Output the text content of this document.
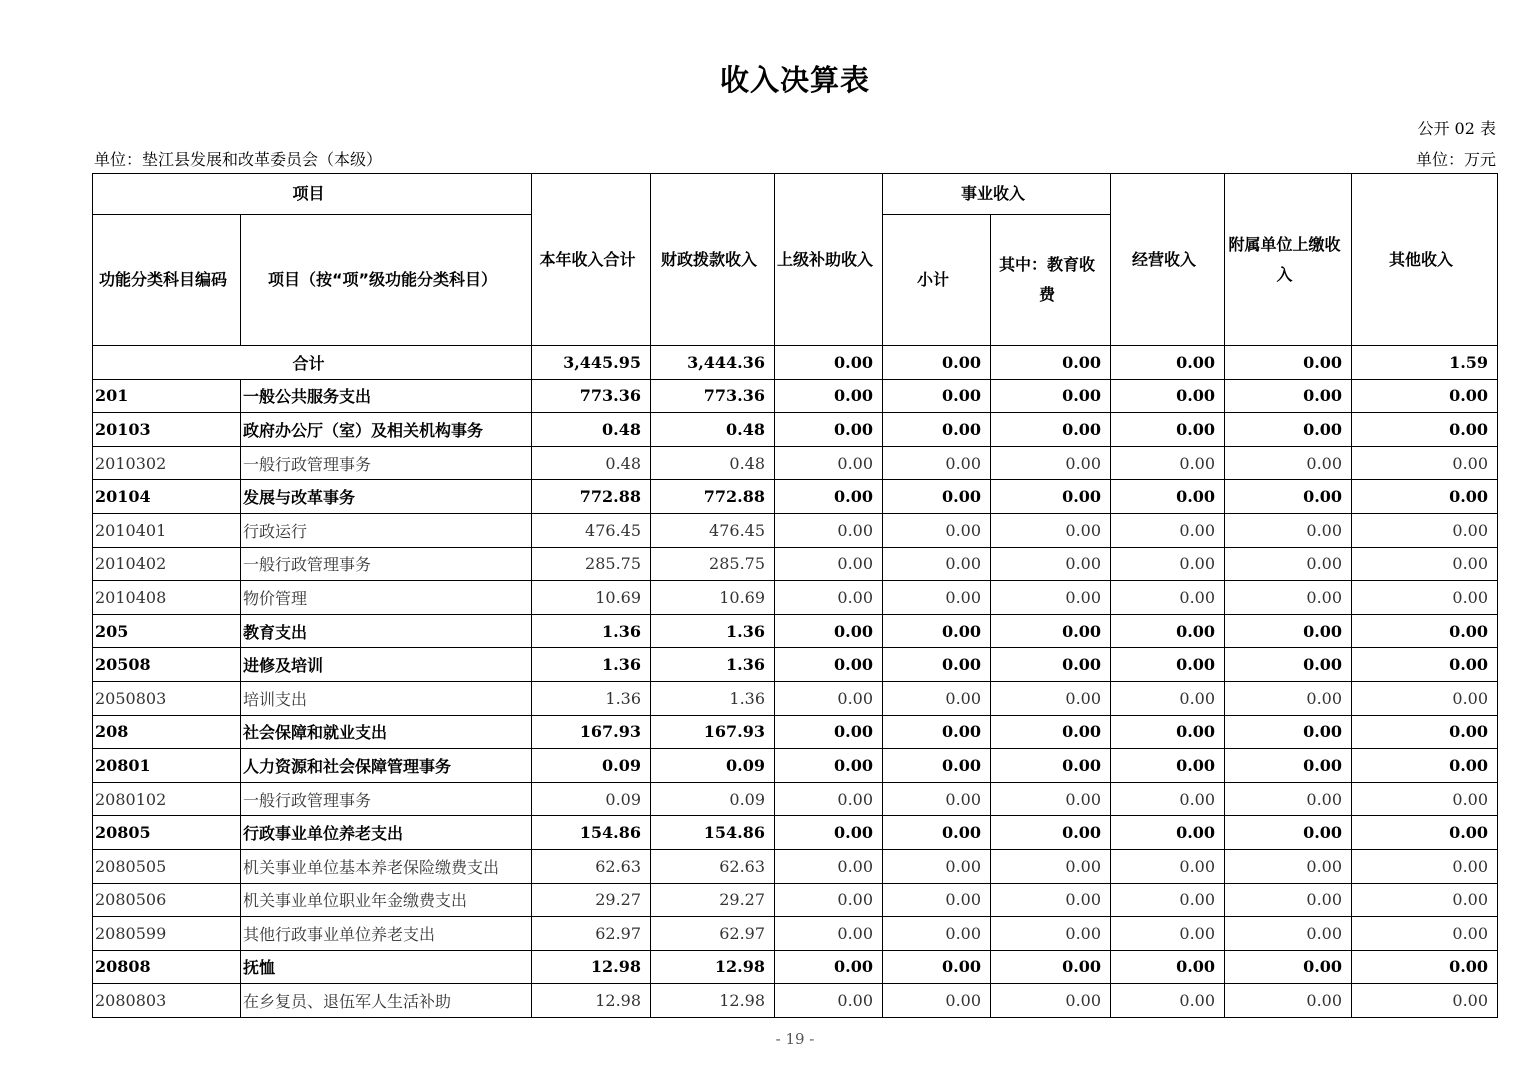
收入决算表
公开 02 表
单位：垫江县发展和改革委员会（本级）	单位：万元
项目		本年收入合计	财政拨款收入	上级补助收入	事业收入		经营收入	附属单位上缴收入	其他收入
功能分类科目编码	项目（按“项”级功能分类科目）				小计	其中：教育收费			
合计		3,445.95	3,444.36	0.00	0.00	0.00	0.00	0.00	1.59
201	一般公共服务支出	773.36	773.36	0.00	0.00	0.00	0.00	0.00	0.00
20103	政府办公厅（室）及相关机构事务	0.48	0.48	0.00	0.00	0.00	0.00	0.00	0.00
2010302	一般行政管理事务	0.48	0.48	0.00	0.00	0.00	0.00	0.00	0.00
20104	发展与改革事务	772.88	772.88	0.00	0.00	0.00	0.00	0.00	0.00
2010401	行政运行	476.45	476.45	0.00	0.00	0.00	0.00	0.00	0.00
2010402	一般行政管理事务	285.75	285.75	0.00	0.00	0.00	0.00	0.00	0.00
2010408	物价管理	10.69	10.69	0.00	0.00	0.00	0.00	0.00	0.00
205	教育支出	1.36	1.36	0.00	0.00	0.00	0.00	0.00	0.00
20508	进修及培训	1.36	1.36	0.00	0.00	0.00	0.00	0.00	0.00
2050803	培训支出	1.36	1.36	0.00	0.00	0.00	0.00	0.00	0.00
208	社会保障和就业支出	167.93	167.93	0.00	0.00	0.00	0.00	0.00	0.00
20801	人力资源和社会保障管理事务	0.09	0.09	0.00	0.00	0.00	0.00	0.00	0.00
2080102	一般行政管理事务	0.09	0.09	0.00	0.00	0.00	0.00	0.00	0.00
20805	行政事业单位养老支出	154.86	154.86	0.00	0.00	0.00	0.00	0.00	0.00
2080505	机关事业单位基本养老保险缴费支出	62.63	62.63	0.00	0.00	0.00	0.00	0.00	0.00
2080506	机关事业单位职业年金缴费支出	29.27	29.27	0.00	0.00	0.00	0.00	0.00	0.00
2080599	其他行政事业单位养老支出	62.97	62.97	0.00	0.00	0.00	0.00	0.00	0.00
20808	抚恤	12.98	12.98	0.00	0.00	0.00	0.00	0.00	0.00
2080803	在乡复员、退伍军人生活补助	12.98	12.98	0.00	0.00	0.00	0.00	0.00	0.00
- 19 -
